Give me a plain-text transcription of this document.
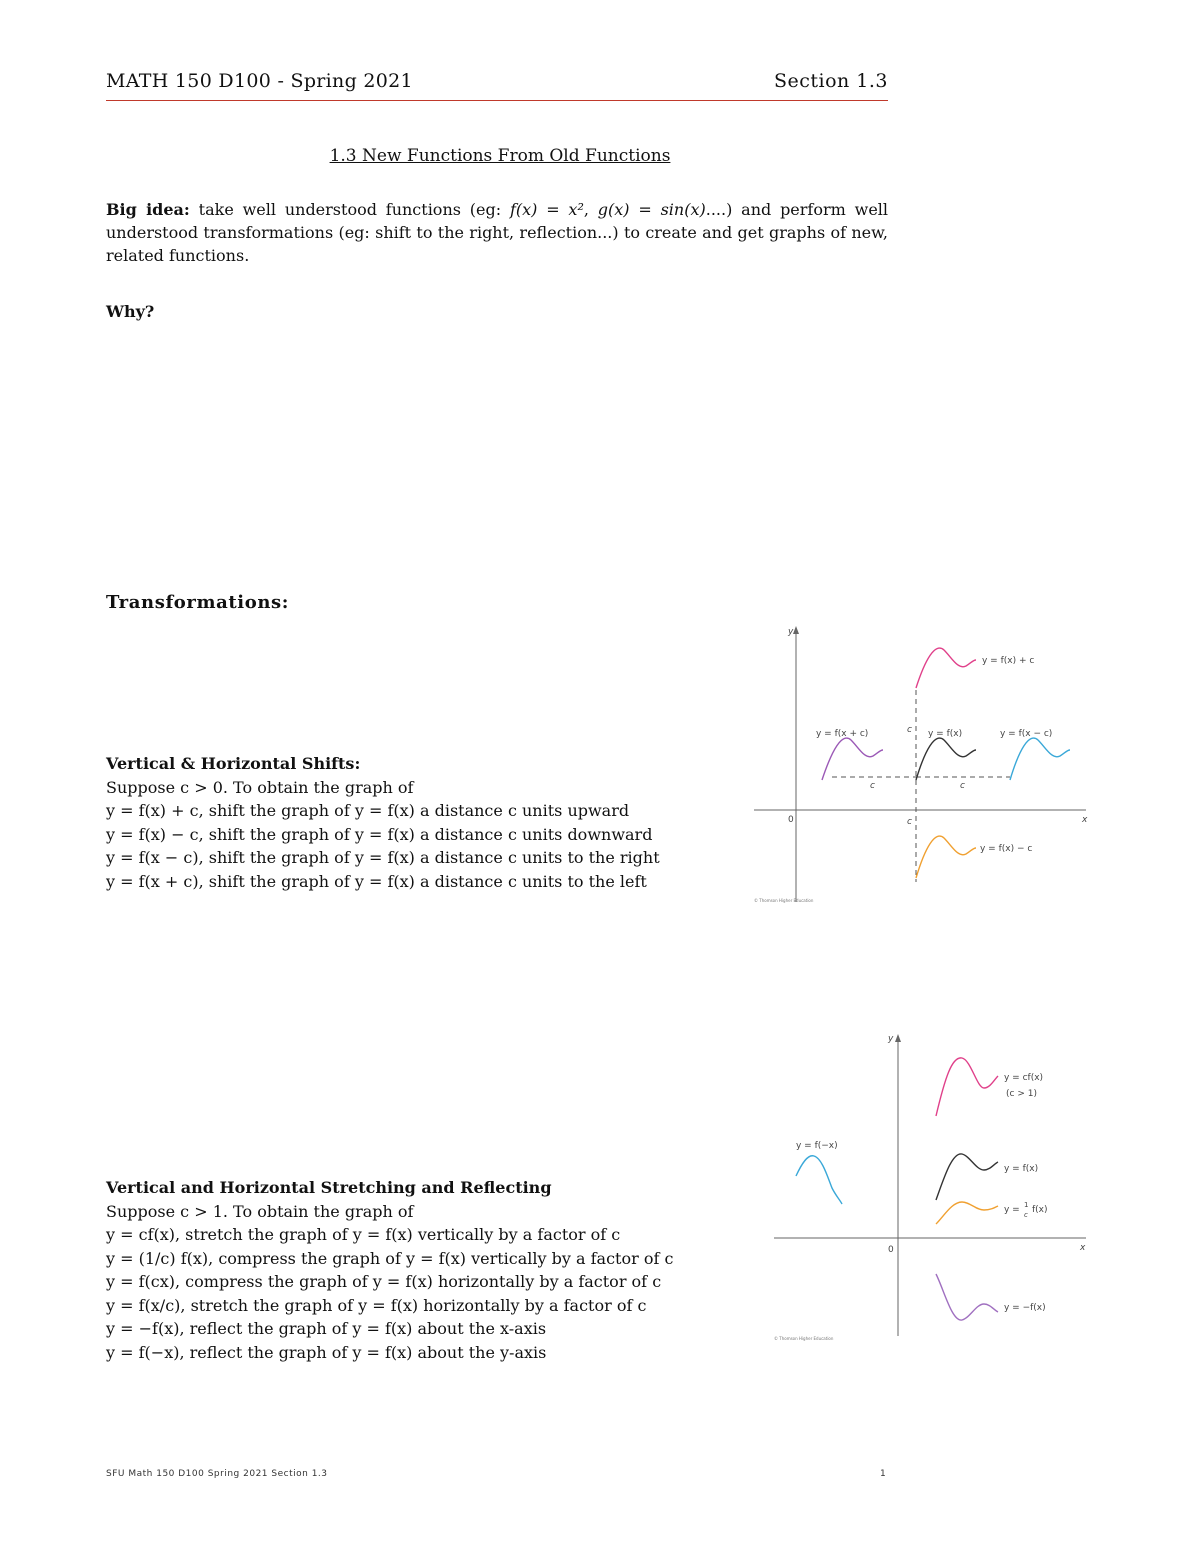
MATH 150 D100 - Spring 2021	Section 1.3
1.3 New Functions From Old Functions
Big idea: take well understood functions (eg: f(x) = x², g(x) = sin(x)....) and perform well understood transformations (eg: shift to the right, reflection...) to create and get graphs of new, related functions.
Why?
Transformations:
Vertical & Horizontal Shifts:
Suppose c > 0. To obtain the graph of
y = f(x) + c, shift the graph of y = f(x) a distance c units upward
y = f(x) − c, shift the graph of y = f(x) a distance c units downward
y = f(x − c), shift the graph of y = f(x) a distance c units to the right
y = f(x + c), shift the graph of y = f(x) a distance c units to the left
Vertical and Horizontal Stretching and Reflecting
Suppose c > 1. To obtain the graph of
y = cf(x), stretch the graph of y = f(x) vertically by a factor of c
y = (1/c) f(x), compress the graph of y = f(x) vertically by a factor of c
y = f(cx), compress the graph of y = f(x) horizontally by a factor of c
y = f(x/c), stretch the graph of y = f(x) horizontally by a factor of c
y = −f(x), reflect the graph of y = f(x) about the x-axis
y = f(−x), reflect the graph of y = f(x) about the y-axis
y
x
0
y = f(x) + c
y = f(x + c)	y = f(x)	y = f(x − c)
y = f(x) − c
c
c
c	c
© Thomson Higher Education
y
x
0
y = cf(x)
(c > 1)
y = f(−x)
y = f(x)
y = 1
c f(x)
y = −f(x)
© Thomson Higher Education
SFU Math 150 D100 Spring 2021 Section 1.3	1
